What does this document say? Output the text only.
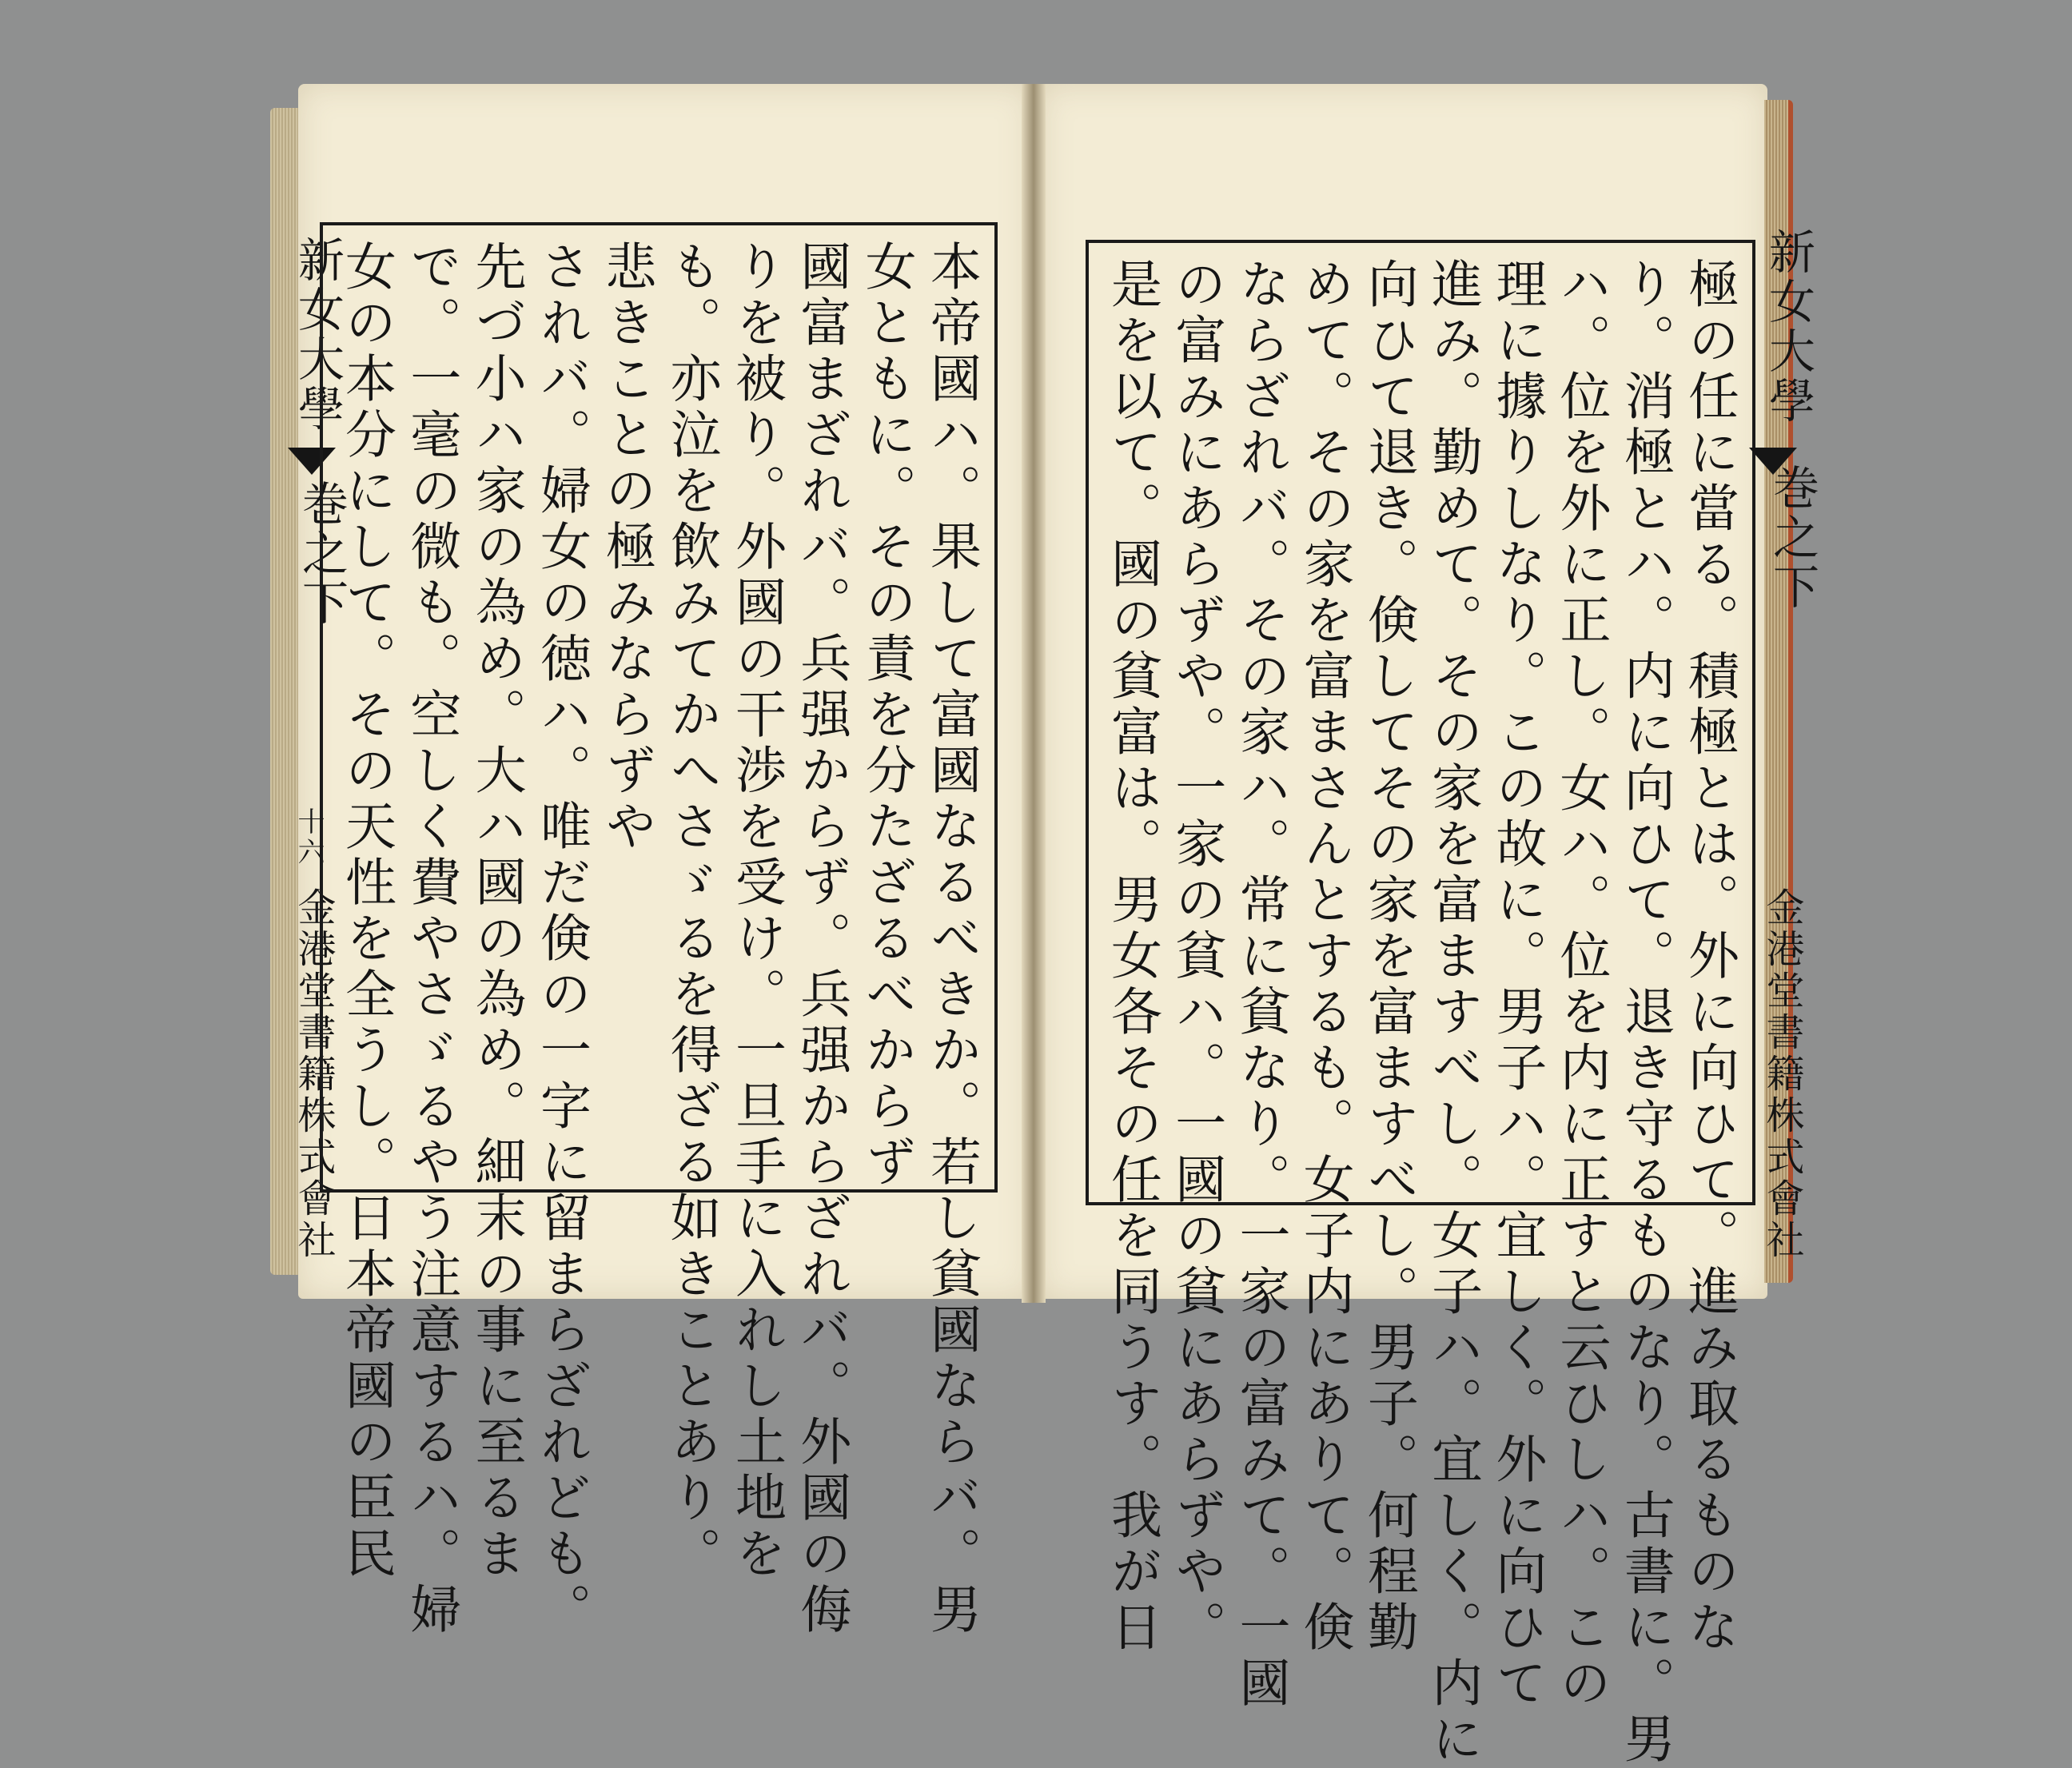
新女大學
巻之下
十六
金港堂書籍株式會社	本帝國ハ。果して富國なるべきか。若し貧國ならバ。男
女ともに。その責を分たざるべからず
國富まざれバ。兵强からず。兵强からざれバ。外國の侮
りを被り。外國の干渉を受け。一旦手に入れし土地を
も。亦泣を飲みてかへさゞるを得ざる如きことあり。
悲きことの極みならずや
されバ。婦女の徳ハ。唯だ倹の一字に留まらざれども。
先づ小ハ家の為め。大ハ國の為め。細末の事に至るま
で。一毫の微も。空しく費やさゞるやう注意するハ。婦
女の本分にして。その天性を全うし。日本帝國の臣民	極の任に當る。積極とは。外に向ひて。進み取るものな
り。消極とハ。内に向ひて。退き守るものなり。古書に。男
ハ。位を外に正し。女ハ。位を内に正すと云ひしハ。この
理に據りしなり。この故に。男子ハ。宜しく。外に向ひて
進み。勤めて。その家を富ますべし。女子ハ。宜しく。内に
向ひて退き。倹してその家を富ますべし。男子。何程勤
めて。その家を富まさんとするも。女子内にありて。倹
ならざれバ。その家ハ。常に貧なり。一家の富みて。一國
の富みにあらずや。一家の貧ハ。一國の貧にあらずや。
是を以て。國の貧富は。男女各その任を同うす。我が日	新女大學
巻之下
金港堂書籍株式會社
